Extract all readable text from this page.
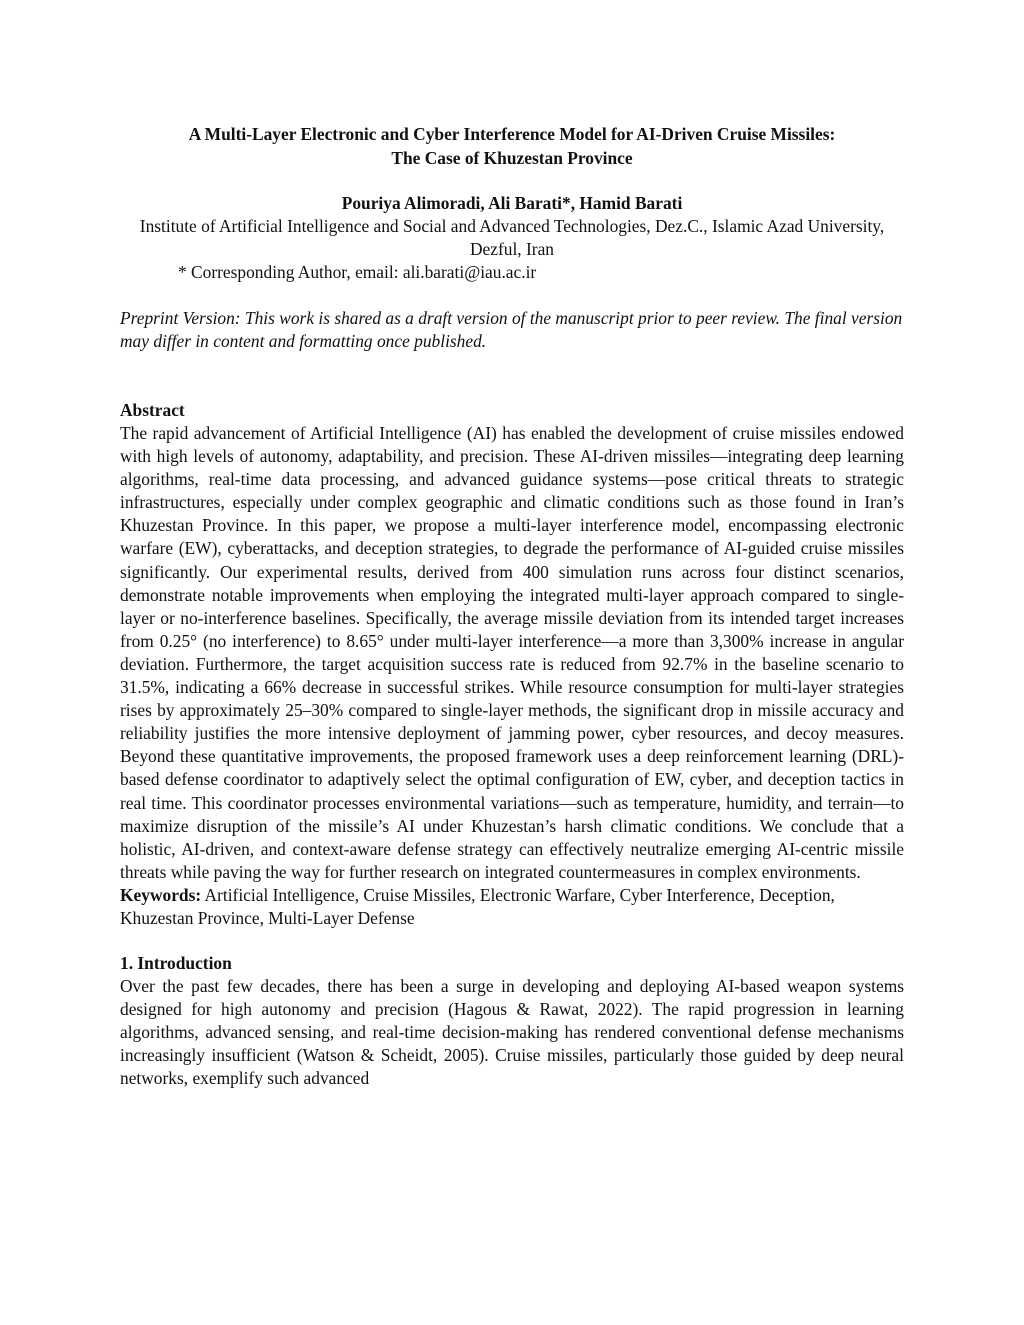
A Multi-Layer Electronic and Cyber Interference Model for AI-Driven Cruise Missiles:
The Case of Khuzestan Province

Pouriya Alimoradi, Ali Barati*, Hamid Barati

Institute of Artificial Intelligence and Social and Advanced Technologies, Dez.C., Islamic Azad University, Dezful, Iran

* Corresponding Author, email: ali.barati@iau.ac.ir

Preprint Version: This work is shared as a draft version of the manuscript prior to peer review. The final version may differ in content and formatting once published.

Abstract

The rapid advancement of Artificial Intelligence (AI) has enabled the development of cruise missiles endowed with high levels of autonomy, adaptability, and precision. These AI-driven missiles—integrating deep learning algorithms, real-time data processing, and advanced guidance systems—pose critical threats to strategic infrastructures, especially under complex geographic and climatic conditions such as those found in Iran’s Khuzestan Province. In this paper, we propose a multi-layer interference model, encompassing electronic warfare (EW), cyberattacks, and deception strategies, to degrade the performance of AI-guided cruise missiles significantly. Our experimental results, derived from 400 simulation runs across four distinct scenarios, demonstrate notable improvements when employing the integrated multi-layer approach compared to single-layer or no-interference baselines. Specifically, the average missile deviation from its intended target increases from 0.25° (no interference) to 8.65° under multi-layer interference—a more than 3,300% increase in angular deviation. Furthermore, the target acquisition success rate is reduced from 92.7% in the baseline scenario to 31.5%, indicating a 66% decrease in successful strikes. While resource consumption for multi-layer strategies rises by approximately 25–30% compared to single-layer methods, the significant drop in missile accuracy and reliability justifies the more intensive deployment of jamming power, cyber resources, and decoy measures. Beyond these quantitative improvements, the proposed framework uses a deep reinforcement learning (DRL)-based defense coordinator to adaptively select the optimal configuration of EW, cyber, and deception tactics in real time. This coordinator processes environmental variations—such as temperature, humidity, and terrain—to maximize disruption of the missile’s AI under Khuzestan’s harsh climatic conditions. We conclude that a holistic, AI-driven, and context-aware defense strategy can effectively neutralize emerging AI-centric missile threats while paving the way for further research on integrated countermeasures in complex environments.

Keywords: Artificial Intelligence, Cruise Missiles, Electronic Warfare, Cyber Interference, Deception, Khuzestan Province, Multi-Layer Defense

1. Introduction

Over the past few decades, there has been a surge in developing and deploying AI-based weapon systems designed for high autonomy and precision (Hagous & Rawat, 2022). The rapid progression in learning algorithms, advanced sensing, and real-time decision-making has rendered conventional defense mechanisms increasingly insufficient (Watson & Scheidt, 2005). Cruise missiles, particularly those guided by deep neural networks, exemplify such advanced
